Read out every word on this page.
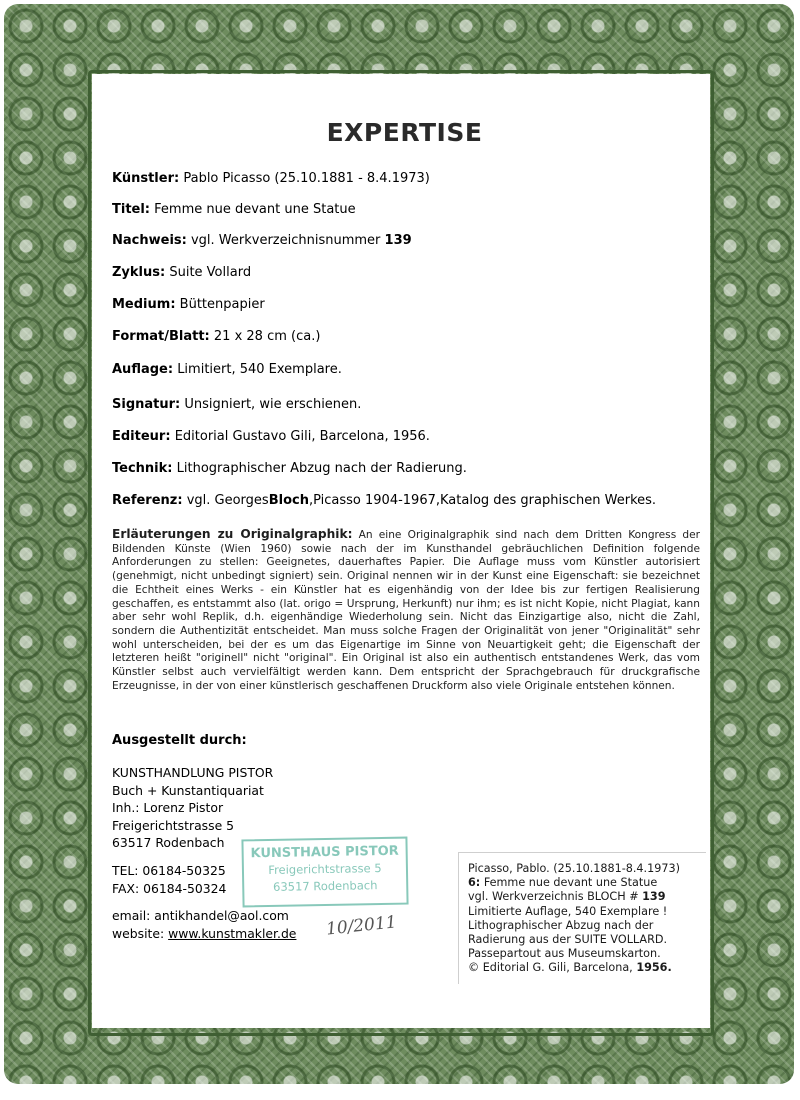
EXPERTISE
Künstler: Pablo Picasso (25.10.1881 - 8.4.1973)
Titel: Femme nue devant une Statue
Nachweis: vgl. Werkverzeichnisnummer 139
Zyklus: Suite Vollard
Medium: Büttenpapier
Format/Blatt: 21 x 28 cm (ca.)
Auflage: Limitiert, 540 Exemplare.
Signatur: Unsigniert, wie erschienen.
Editeur: Editorial Gustavo Gili, Barcelona, 1956.
Technik: Lithographischer Abzug nach der Radierung.
Referenz: vgl. GeorgesBloch,Picasso 1904-1967,Katalog des graphischen Werkes.
Erläuterungen zu Originalgraphik: An eine Originalgraphik sind nach dem Dritten Kongress der Bildenden Künste (Wien 1960) sowie nach der im Kunsthandel gebräuchlichen Definition folgende Anforderungen zu stellen: Geeignetes, dauerhaftes Papier. Die Auflage muss vom Künstler autorisiert (genehmigt, nicht unbedingt signiert) sein. Original nennen wir in der Kunst eine Eigenschaft: sie bezeichnet die Echtheit eines Werks - ein Künstler hat es eigenhändig von der Idee bis zur fertigen Realisierung geschaffen, es entstammt also (lat. origo = Ursprung, Herkunft) nur ihm; es ist nicht Kopie, nicht Plagiat, kann aber sehr wohl Replik, d.h. eigenhändige Wiederholung sein. Nicht das Einzigartige also, nicht die Zahl, sondern die Authentizität entscheidet. Man muss solche Fragen der Originalität von jener "Originalität" sehr wohl unterscheiden, bei der es um das Eigenartige im Sinne von Neuartigkeit geht; die Eigenschaft der letzteren heißt "originell" nicht "original". Ein Original ist also ein authentisch entstandenes Werk, das vom Künstler selbst auch vervielfältigt werden kann. Dem entspricht der Sprachgebrauch für druckgrafische Erzeugnisse, in der von einer künstlerisch geschaffenen Druckform also viele Originale entstehen können.
Ausgestellt durch:
KUNSTHANDLUNG PISTOR
Buch + Kunstantiquariat
Inh.: Lorenz Pistor
Freigerichtstrasse 5
63517 Rodenbach
TEL: 06184-50325
FAX: 06184-50324
email: antikhandel@aol.com
website: www.kunstmakler.de
KUNSTHAUS PISTOR
Freigerichtstrasse 5
63517 Rodenbach
10/2011
Picasso, Pablo. (25.10.1881-8.4.1973)
6: Femme nue devant une Statue
vgl. Werkverzeichnis BLOCH # 139
Limitierte Auflage, 540 Exemplare !
Lithographischer Abzug nach der
Radierung aus der SUITE VOLLARD.
Passepartout aus Museumskarton.
© Editorial G. Gili, Barcelona, 1956.
